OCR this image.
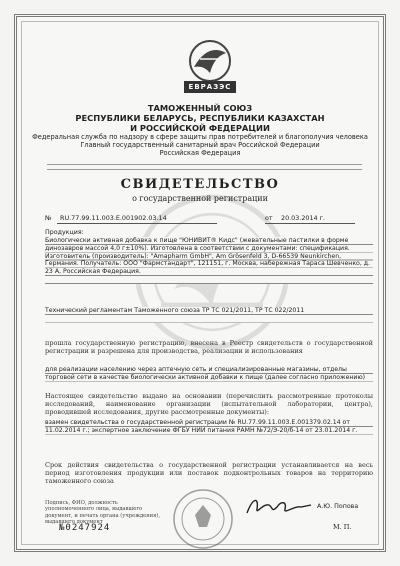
ЕВРАЗЭС
ТАМОЖЕННЫЙ СОЮЗ
РЕСПУБЛИКИ БЕЛАРУСЬ, РЕСПУБЛИКИ КАЗАХСТАН
И РОССИЙСКОЙ ФЕДЕРАЦИИ
Федеральная служба по надзору в сфере защиты прав потребителей и благополучия человека
Главный государственный санитарный врач Российской Федерации
Российская Федерация
СВИДЕТЕЛЬСТВО
о государственной регистрации
№ RU.77.99.11.003.E.001902.03.14	от 20.03.2014 г.
Продукция:
Биологически активная добавка к пище "ЮНИВИТ® Кидс" (жевательные пастилки в форме динозавров массой 4,0 г±10%). Изготовлена в соответствии с документами: спецификация. Изготовитель (производитель): "Amapharm GmbH", Am Grösenfeld 3, D-66539 Neunkirchen, Германия. Получатель: ООО "Фармстандарт", 121151, г. Москва, набережная Тараса Шевченко, д. 23 А, Российская Федерация.
Технический регламентам Таможенного союза ТР ТС 021/2011, ТР ТС 022/2011
прошла государственную регистрацию, внесена в Реестр свидетельств о государственной регистрации и разрешена для производства, реализации и использования
для реализации населению через аптечную сеть и специализированные магазины, отделы торговой сети в качестве биологически активной добавки к пище (далее согласно приложению)
Настоящее свидетельство выдано на основании (перечислить рассмотренные протоколы исследований, наименование организации (испытательной лаборатории, центра), проводившей исследования, другие рассмотренные документы):
взамен свидетельства о государственной регистрации № RU.77.99.11.003.E.001379.02.14 от 11.02.2014 г.; экспертное заключение ФГБУ НИИ питания РАМН №72/Э-20/б-14 от 23.01.2014 г.
Срок действия свидетельства о государственной регистрации устанавливается на весь период изготовления продукции или поставок подконтрольных товаров на территорию таможенного союза
Подпись, ФИО, должность уполномоченного лица, выдавшего документ, и печать органа (учреждения), выдавшего документ
А.Ю. Попова
№0247924	М. П.
